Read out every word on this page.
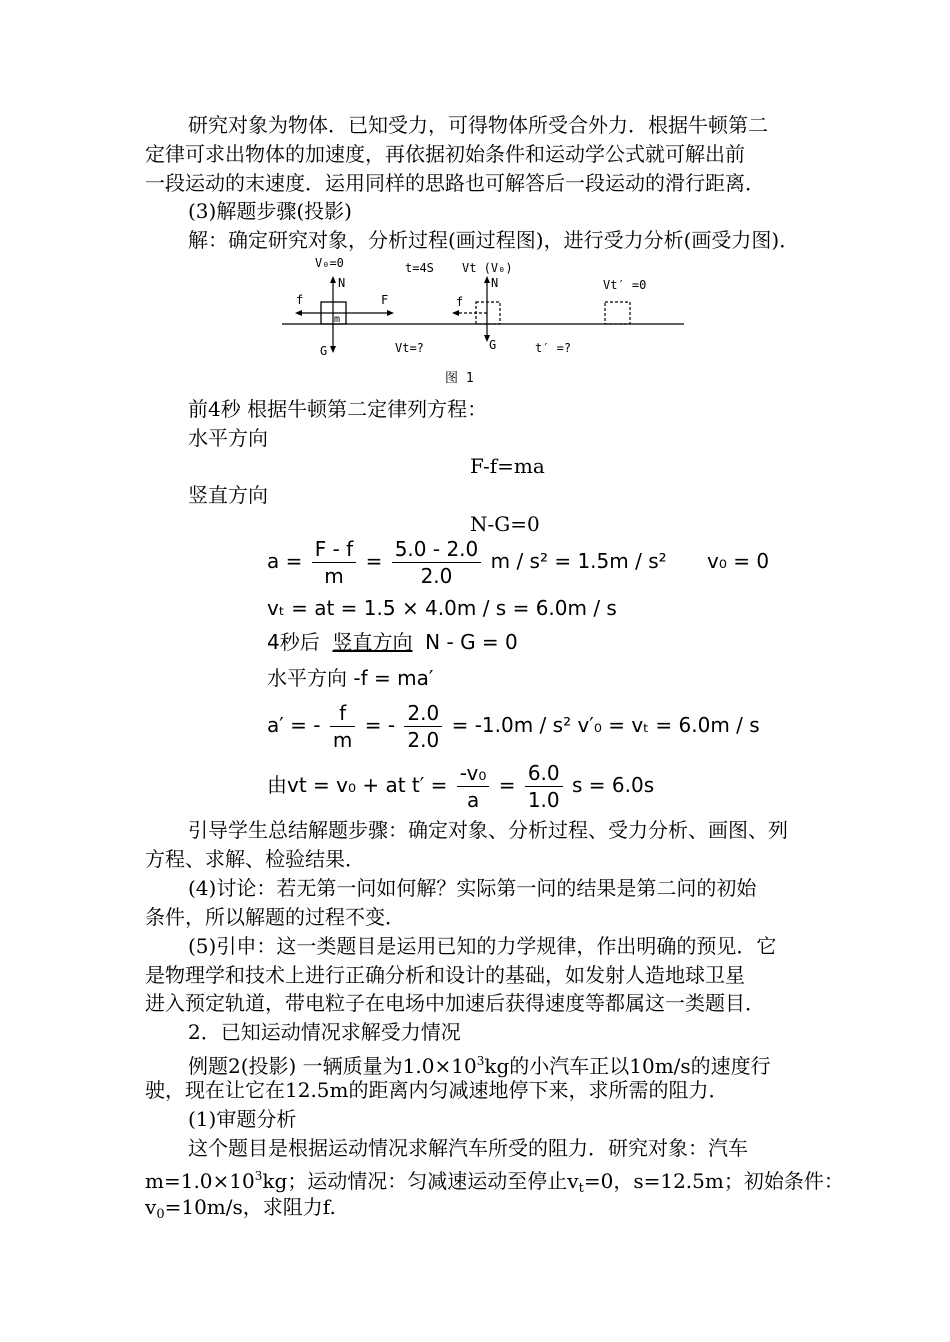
研究对象为物体．已知受力，可得物体所受合外力．根据牛顿第二
定律可求出物体的加速度，再依据初始条件和运动学公式就可解出前
一段运动的末速度．运用同样的思路也可解答后一段运动的滑行距离．
(3)解题步骤(投影)
解：确定研究对象，分析过程(画过程图)，进行受力分析(画受力图)．
V₀=0	t=4S Vt (V₀)
Vt′ =0
N
f	F
m
G	Vt=?
N
f
G	t′ =?
图 1
前4秒 根据牛顿第二定律列方程：
水平方向
F-f=ma
竖直方向
N-G=0
$a = \frac{F - f}{m} = \frac{5.0 - 2.0}{2.0}$ m / s² = 1.5m / s² v₀ = 0
vₜ = at = 1.5 × 4.0m / s = 6.0m / s
4秒后 竖直方向 N - G = 0
水平方向 -f = ma′
a′ = - $\frac{f}{m}$ = - $\frac{2.0}{2.0} = -1.0m / s^2$ v′₀ = vₜ = 6.0m / s
由vt = v₀ + at $t' = \frac{\text{-v₀}}{a} = \frac{6.0}{1.0}$ s = 6.0s
引导学生总结解题步骤：确定对象、分析过程、受力分析、画图、列
方程、求解、检验结果．
(4)讨论：若无第一问如何解？实际第一问的结果是第二问的初始
条件，所以解题的过程不变．
(5)引申：这一类题目是运用已知的力学规律，作出明确的预见．它
是物理学和技术上进行正确分析和设计的基础，如发射人造地球卫星
进入预定轨道，带电粒子在电场中加速后获得速度等都属这一类题目．
2．已知运动情况求解受力情况
例题2(投影) 一辆质量为$1.0\times 10^3kg$的小汽车正以10m/s的速度行
驶，现在让它在12.5m的距离内匀减速地停下来，求所需的阻力．
(1)审题分析
这个题目是根据运动情况求解汽车所受的阻力．研究对象：汽车
$m=1.0\times 10^3kg$；运动情况：匀减速运动至停止$v_t=0$，s=12.5m；初始条件：
$v_0=10m/s$，求阻力f.
